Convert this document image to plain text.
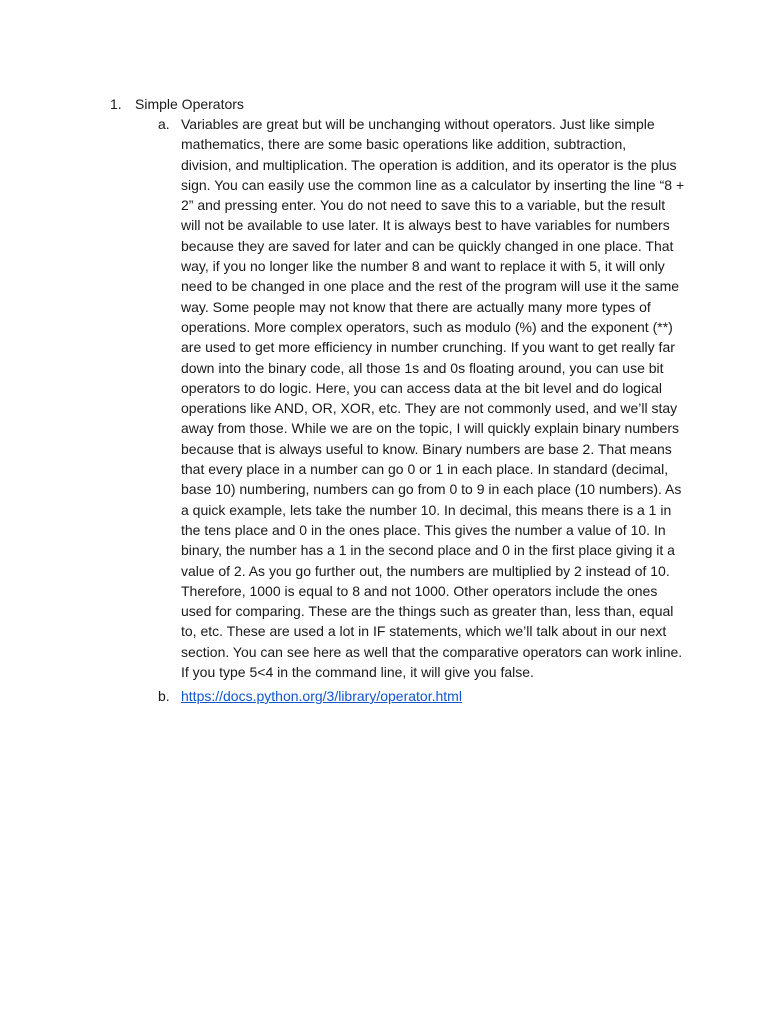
1. Simple Operators
a. Variables are great but will be unchanging without operators. Just like simple
mathematics, there are some basic operations like addition, subtraction,
division, and multiplication. The operation is addition, and its operator is the plus
sign. You can easily use the common line as a calculator by inserting the line “8 +
2” and pressing enter. You do not need to save this to a variable, but the result
will not be available to use later. It is always best to have variables for numbers
because they are saved for later and can be quickly changed in one place. That
way, if you no longer like the number 8 and want to replace it with 5, it will only
need to be changed in one place and the rest of the program will use it the same
way. Some people may not know that there are actually many more types of
operations. More complex operators, such as modulo (%) and the exponent (**)
are used to get more efficiency in number crunching. If you want to get really far
down into the binary code, all those 1s and 0s floating around, you can use bit
operators to do logic. Here, you can access data at the bit level and do logical
operations like AND, OR, XOR, etc. They are not commonly used, and we’ll stay
away from those. While we are on the topic, I will quickly explain binary numbers
because that is always useful to know. Binary numbers are base 2. That means
that every place in a number can go 0 or 1 in each place. In standard (decimal,
base 10) numbering, numbers can go from 0 to 9 in each place (10 numbers). As
a quick example, lets take the number 10. In decimal, this means there is a 1 in
the tens place and 0 in the ones place. This gives the number a value of 10. In
binary, the number has a 1 in the second place and 0 in the first place giving it a
value of 2. As you go further out, the numbers are multiplied by 2 instead of 10.
Therefore, 1000 is equal to 8 and not 1000. Other operators include the ones
used for comparing. These are the things such as greater than, less than, equal
to, etc. These are used a lot in IF statements, which we’ll talk about in our next
section. You can see here as well that the comparative operators can work inline.
If you type 5<4 in the command line, it will give you false.
b. https://docs.python.org/3/library/operator.html
